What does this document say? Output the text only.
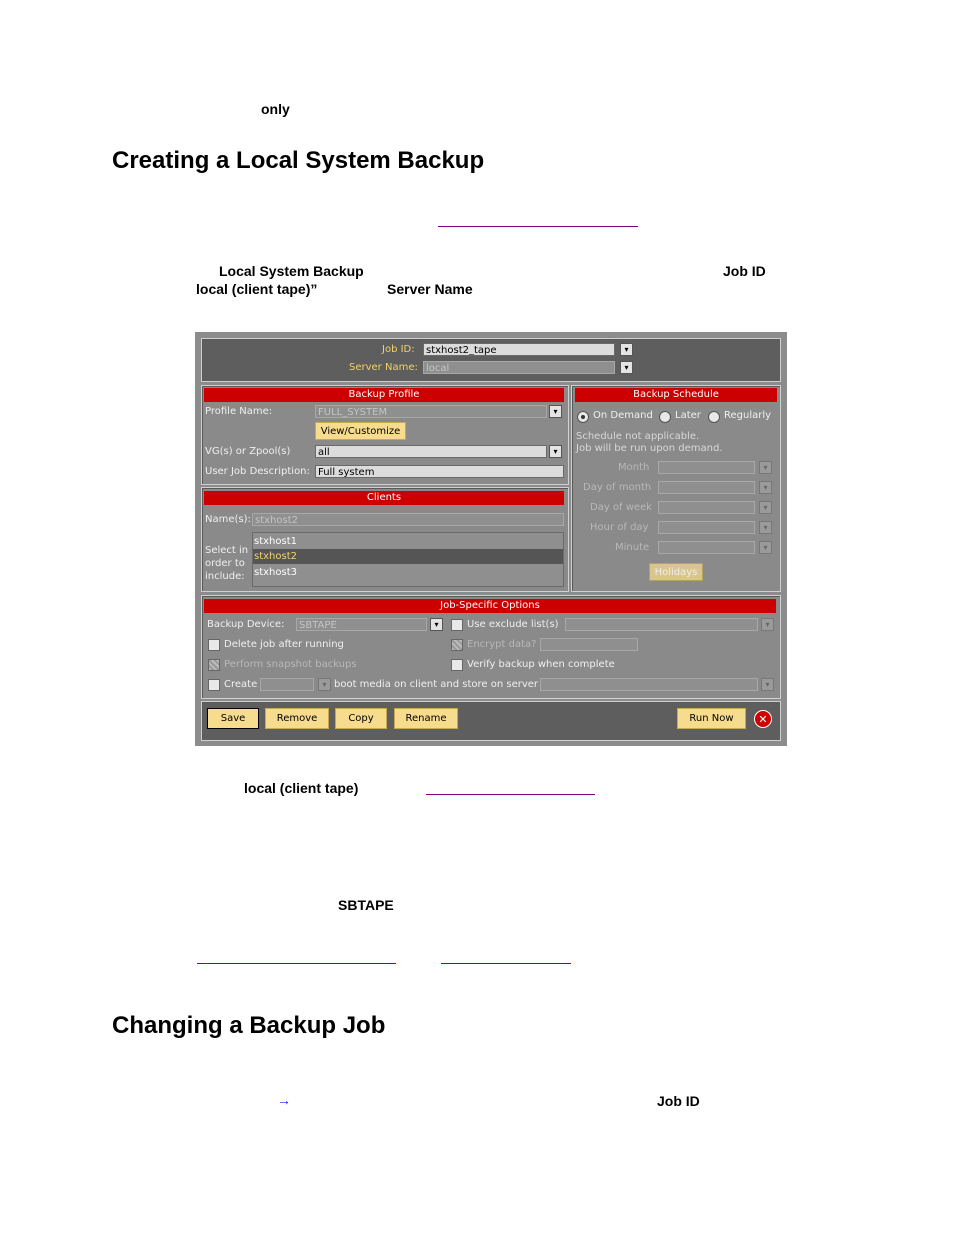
only
Creating a Local System Backup
Local System Backup	Job ID
local (client tape)”	Server Name
Job ID:	stxhost2_tape	▾
Server Name: local	▾
Backup Profile
Profile Name:	FULL_SYSTEM	▾
View/Customize
VG(s) or Zpool(s)	all	▾
User Job Description: Full system
Backup Schedule
On Demand Later Regularly
Schedule not applicable.
Job will be run upon demand.
Month	▾
Day of month	▾
Day of week	▾
Hour of day	▾
Minute	▾
Holidays
Clients
Name(s): stxhost2
Select in
order to
include:
stxhost1
stxhost2
stxhost3
Job-Specific Options
Backup Device:	SBTAPE	▾	Use exclude list(s)	▾
Delete job after running	Encrypt data?
Perform snapshot backups	Verify backup when complete
Create	▾ boot media on client and store on server	▾
Save	Remove	Copy	Rename	Run Now	✕
local (client tape)
SBTAPE
Changing a Backup Job
→	Job ID
